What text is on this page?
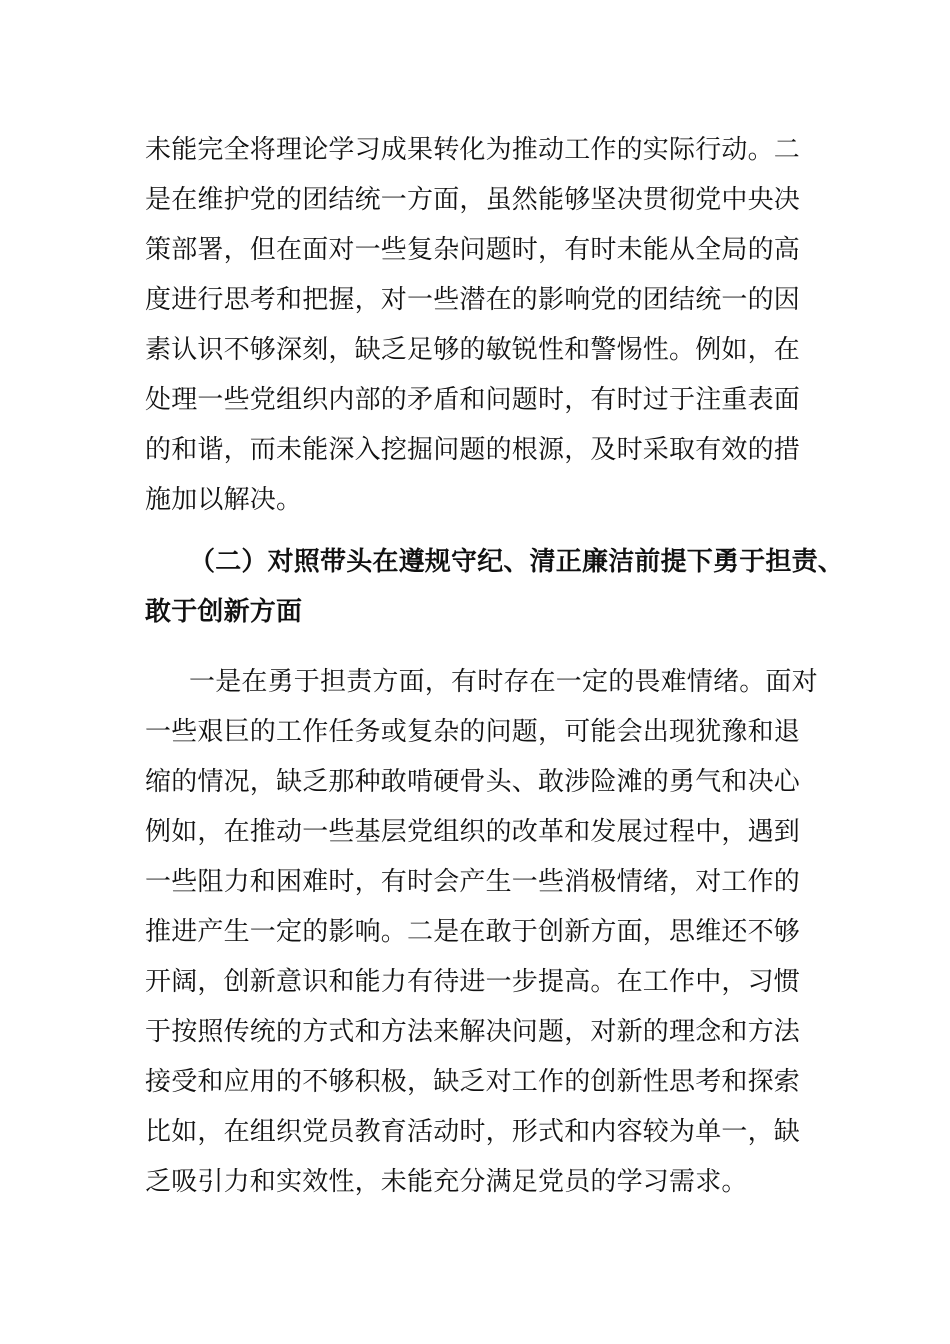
未能完全将理论学习成果转化为推动工作的实际行动。二
是在维护党的团结统一方面，虽然能够坚决贯彻党中央决
策部署，但在面对一些复杂问题时，有时未能从全局的高
度进行思考和把握，对一些潜在的影响党的团结统一的因
素认识不够深刻，缺乏足够的敏锐性和警惕性。例如，在
处理一些党组织内部的矛盾和问题时，有时过于注重表面
的和谐，而未能深入挖掘问题的根源，及时采取有效的措
施加以解决。
（二）对照带头在遵规守纪、清正廉洁前提下勇于担责、
敢于创新方面
一是在勇于担责方面，有时存在一定的畏难情绪。面对
一些艰巨的工作任务或复杂的问题，可能会出现犹豫和退
缩的情况，缺乏那种敢啃硬骨头、敢涉险滩的勇气和决心
例如，在推动一些基层党组织的改革和发展过程中，遇到
一些阻力和困难时，有时会产生一些消极情绪，对工作的
推进产生一定的影响。二是在敢于创新方面，思维还不够
开阔，创新意识和能力有待进一步提高。在工作中，习惯
于按照传统的方式和方法来解决问题，对新的理念和方法
接受和应用的不够积极，缺乏对工作的创新性思考和探索
比如，在组织党员教育活动时，形式和内容较为单一，缺
乏吸引力和实效性，未能充分满足党员的学习需求。
